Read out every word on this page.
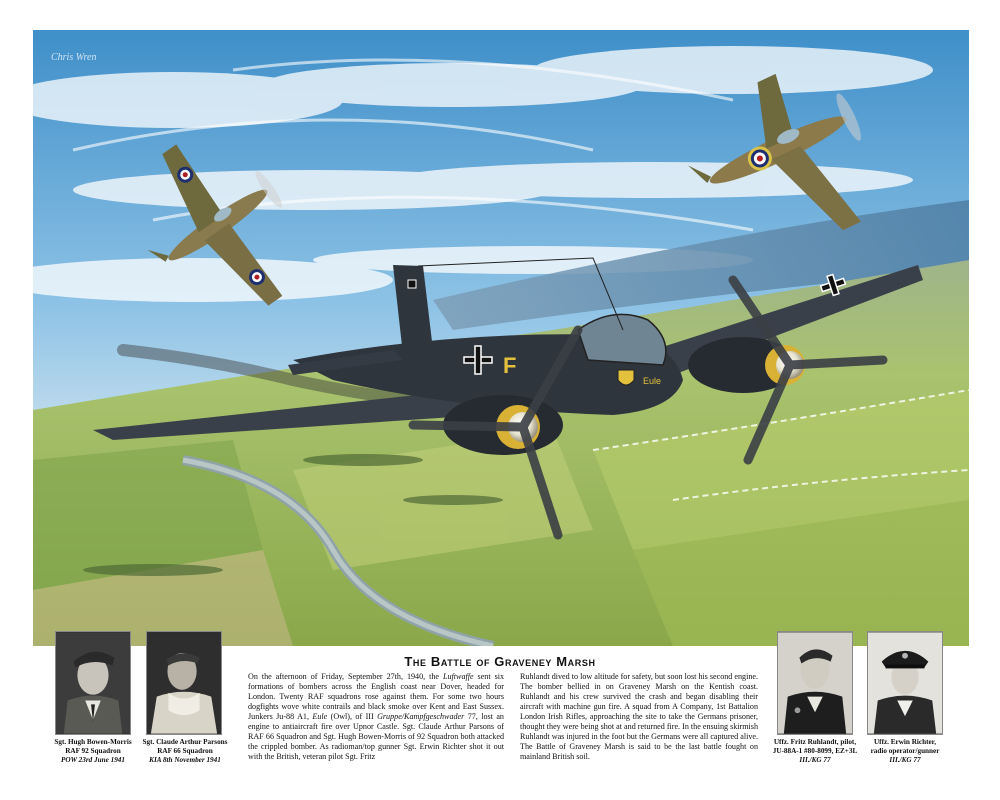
F
Eule
Chris Wren
Sgt. Hugh Bowen-Morris
RAF 92 Squadron
POW 23rd June 1941
Sgt. Claude Arthur Parsons
RAF 66 Squadron
KIA 8th November 1941
The Battle of Graveney Marsh
On the afternoon of Friday, September 27th, 1940, the Luftwaffe sent six formations of bombers across the English coast near Dover, headed for London. Twenty RAF squadrons rose against them. For some two hours dogfights wove white contrails and black smoke over Kent and East Sussex. Junkers Ju-88 A1, Eule (Owl), of III Gruppe/Kampfgeschwader 77, lost an engine to antiaircraft fire over Upnor Castle. Sgt. Claude Arthur Parsons of RAF 66 Squadron and Sgt. Hugh Bowen-Morris of 92 Squadron both attacked the crippled bomber. As radioman/top gunner Sgt. Erwin Richter shot it out with the British, veteran pilot Sgt. Fritz
Ruhlandt dived to low altitude for safety, but soon lost his second engine. The bomber bellied in on Graveney Marsh on the Kentish coast. Ruhlandt and his crew survived the crash and began disabling their aircraft with machine gun fire. A squad from A Company, 1st Battalion London Irish Rifles, approaching the site to take the Germans prisoner, thought they were being shot at and returned fire. In the ensuing skirmish Ruhlandt was injured in the foot but the Germans were all captured alive. The Battle of Graveney Marsh is said to be the last battle fought on mainland British soil.
Uffz. Fritz Ruhlandt, pilot,
JU-88A-1 #80-8099, EZ+3L
III./KG 77
Uffz. Erwin Richter,
radio operator/gunner
III./KG 77
